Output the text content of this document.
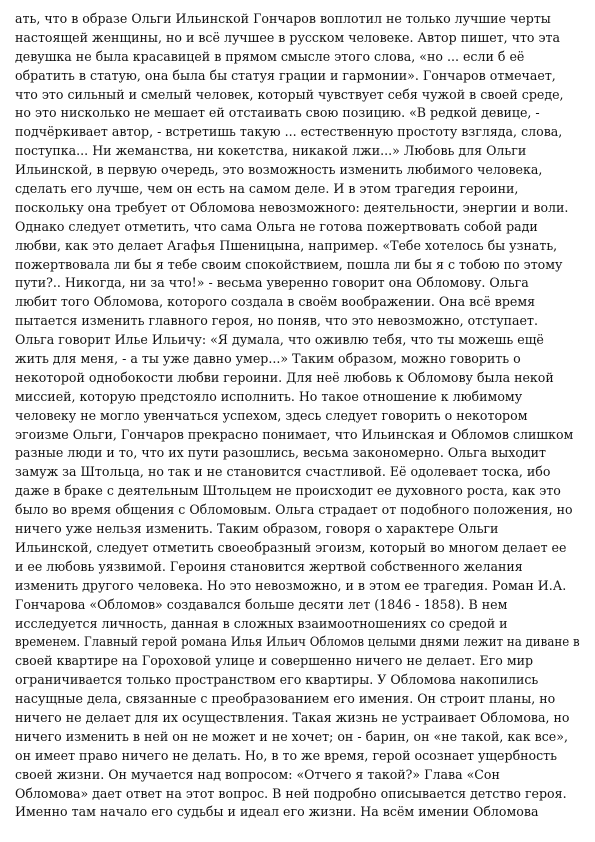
ать, что в образе Ольги Ильинской Гончаров воплотил не только лучшие черты
настоящей женщины, но и всё лучшее в русском человеке. Автор пишет, что эта
девушка не была красавицей в прямом смысле этого слова, «но ... если б её
обратить в статую, она была бы статуя грации и гармонии». Гончаров отмечает,
что это сильный и смелый человек, который чувствует себя чужой в своей среде,
но это нисколько не мешает ей отстаивать свою позицию. «В редкой девице, -
подчёркивает автор, - встретишь такую ... естественную простоту взгляда, слова,
поступка... Ни жеманства, ни кокетства, никакой лжи...» Любовь для Ольги
Ильинской, в первую очередь, это возможность изменить любимого человека,
сделать его лучше, чем он есть на самом деле. И в этом трагедия героини,
поскольку она требует от Обломова невозможного: деятельности, энергии и воли.
Однако следует отметить, что сама Ольга не готова пожертвовать собой ради
любви, как это делает Агафья Пшеницына, например. «Тебе хотелось бы узнать,
пожертвовала ли бы я тебе своим спокойствием, пошла ли бы я с тобою по этому
пути?.. Никогда, ни за что!» - весьма уверенно говорит она Обломову. Ольга
любит того Обломова, которого создала в своём воображении. Она всё время
пытается изменить главного героя, но поняв, что это невозможно, отступает.
Ольга говорит Илье Ильичу: «Я думала, что оживлю тебя, что ты можешь ещё
жить для меня, - а ты уже давно умер...» Таким образом, можно говорить о
некоторой однобокости любви героини. Для неё любовь к Обломову была некой
миссией, которую предстояло исполнить. Но такое отношение к любимому
человеку не могло увенчаться успехом, здесь следует говорить о некотором
эгоизме Ольги, Гончаров прекрасно понимает, что Ильинская и Обломов слишком
разные люди и то, что их пути разошлись, весьма закономерно. Ольга выходит
замуж за Штольца, но так и не становится счастливой. Её одолевает тоска, ибо
даже в браке с деятельным Штольцем не происходит ее духовного роста, как это
было во время общения с Обломовым. Ольга страдает от подобного положения, но
ничего уже нельзя изменить. Таким образом, говоря о характере Ольги
Ильинской, следует отметить своеобразный эгоизм, который во многом делает ее
и ее любовь уязвимой. Героиня становится жертвой собственного желания
изменить другого человека. Но это невозможно, и в этом ее трагедия. Роман И.А.
Гончарова «Обломов» создавался больше десяти лет (1846 - 1858). В нем
исследуется личность, данная в сложных взаимоотношениях со средой и
временем. Главный герой романа Илья Ильич Обломов целыми днями лежит на диване в
своей квартире на Гороховой улице и совершенно ничего не делает. Его мир
ограничивается только пространством его квартиры. У Обломова накопились
насущные дела, связанные с преобразованием его имения. Он строит планы, но
ничего не делает для их осуществления. Такая жизнь не устраивает Обломова, но
ничего изменить в ней он не может и не хочет; он - барин, он «не такой, как все»,
он имеет право ничего не делать. Но, в то же время, герой осознает ущербность
своей жизни. Он мучается над вопросом: «Отчего я такой?» Глава «Сон
Обломова» дает ответ на этот вопрос. В ней подробно описывается детство героя.
Именно там начало его судьбы и идеал его жизни. На всём имении Обломова
